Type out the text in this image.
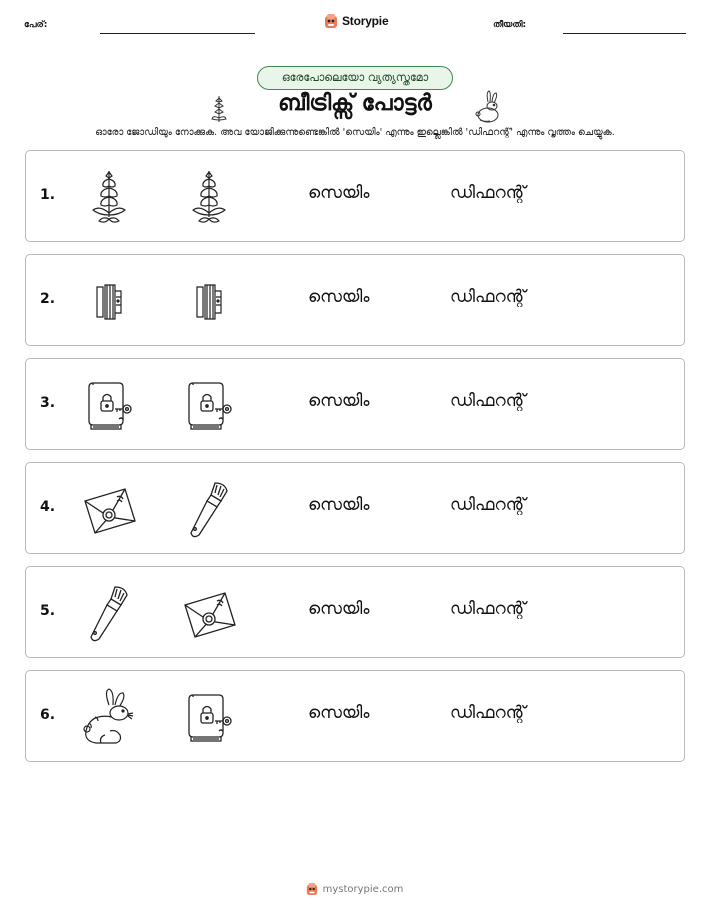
പേര്:	Storypie	തീയതി:
ഒരേപോലെയോ വ്യത്യസ്തമോ
ബീട്രിക്സ് പോട്ടർ
ഓരോ ജോഡിയും നോക്കുക. അവ യോജിക്കുന്നുണ്ടെങ്കിൽ 'സെയിം' എന്നും ഇല്ലെങ്കിൽ 'ഡിഫറന്റ്' എന്നും വൃത്തം ചെയ്യുക.
1.	സെയിം	ഡിഫറന്റ്
2.	സെയിം	ഡിഫറന്റ്
3.	സെയിം	ഡിഫറന്റ്
4.	സെയിം	ഡിഫറന്റ്
5.	സെയിം	ഡിഫറന്റ്
6.	സെയിം	ഡിഫറന്റ്
mystorypie.com
